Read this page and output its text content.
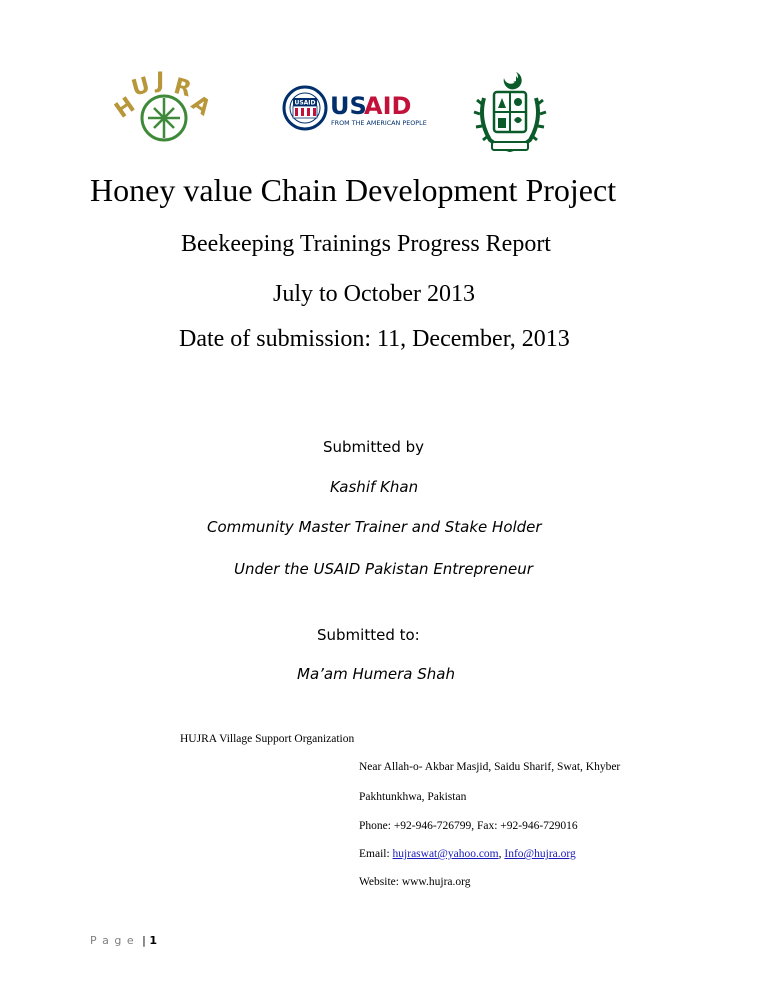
H
U J R
A	USAID US
AID
FROM THE AMERICAN PEOPLE
Honey value Chain Development Project
Beekeeping Trainings Progress Report
July to October 2013
Date of submission: 11, December, 2013
Submitted by
Kashif Khan
Community Master Trainer and Stake Holder
Under the USAID Pakistan Entrepreneur
Submitted to:
Ma’am Humera Shah
HUJRA Village Support Organization
Near Allah-o- Akbar Masjid, Saidu Sharif, Swat, Khyber
Pakhtunkhwa, Pakistan
Phone: +92-946-726799, Fax: +92-946-729016
Email: hujraswat@yahoo.com, Info@hujra.org
Website: www.hujra.org
P a g e | 1
